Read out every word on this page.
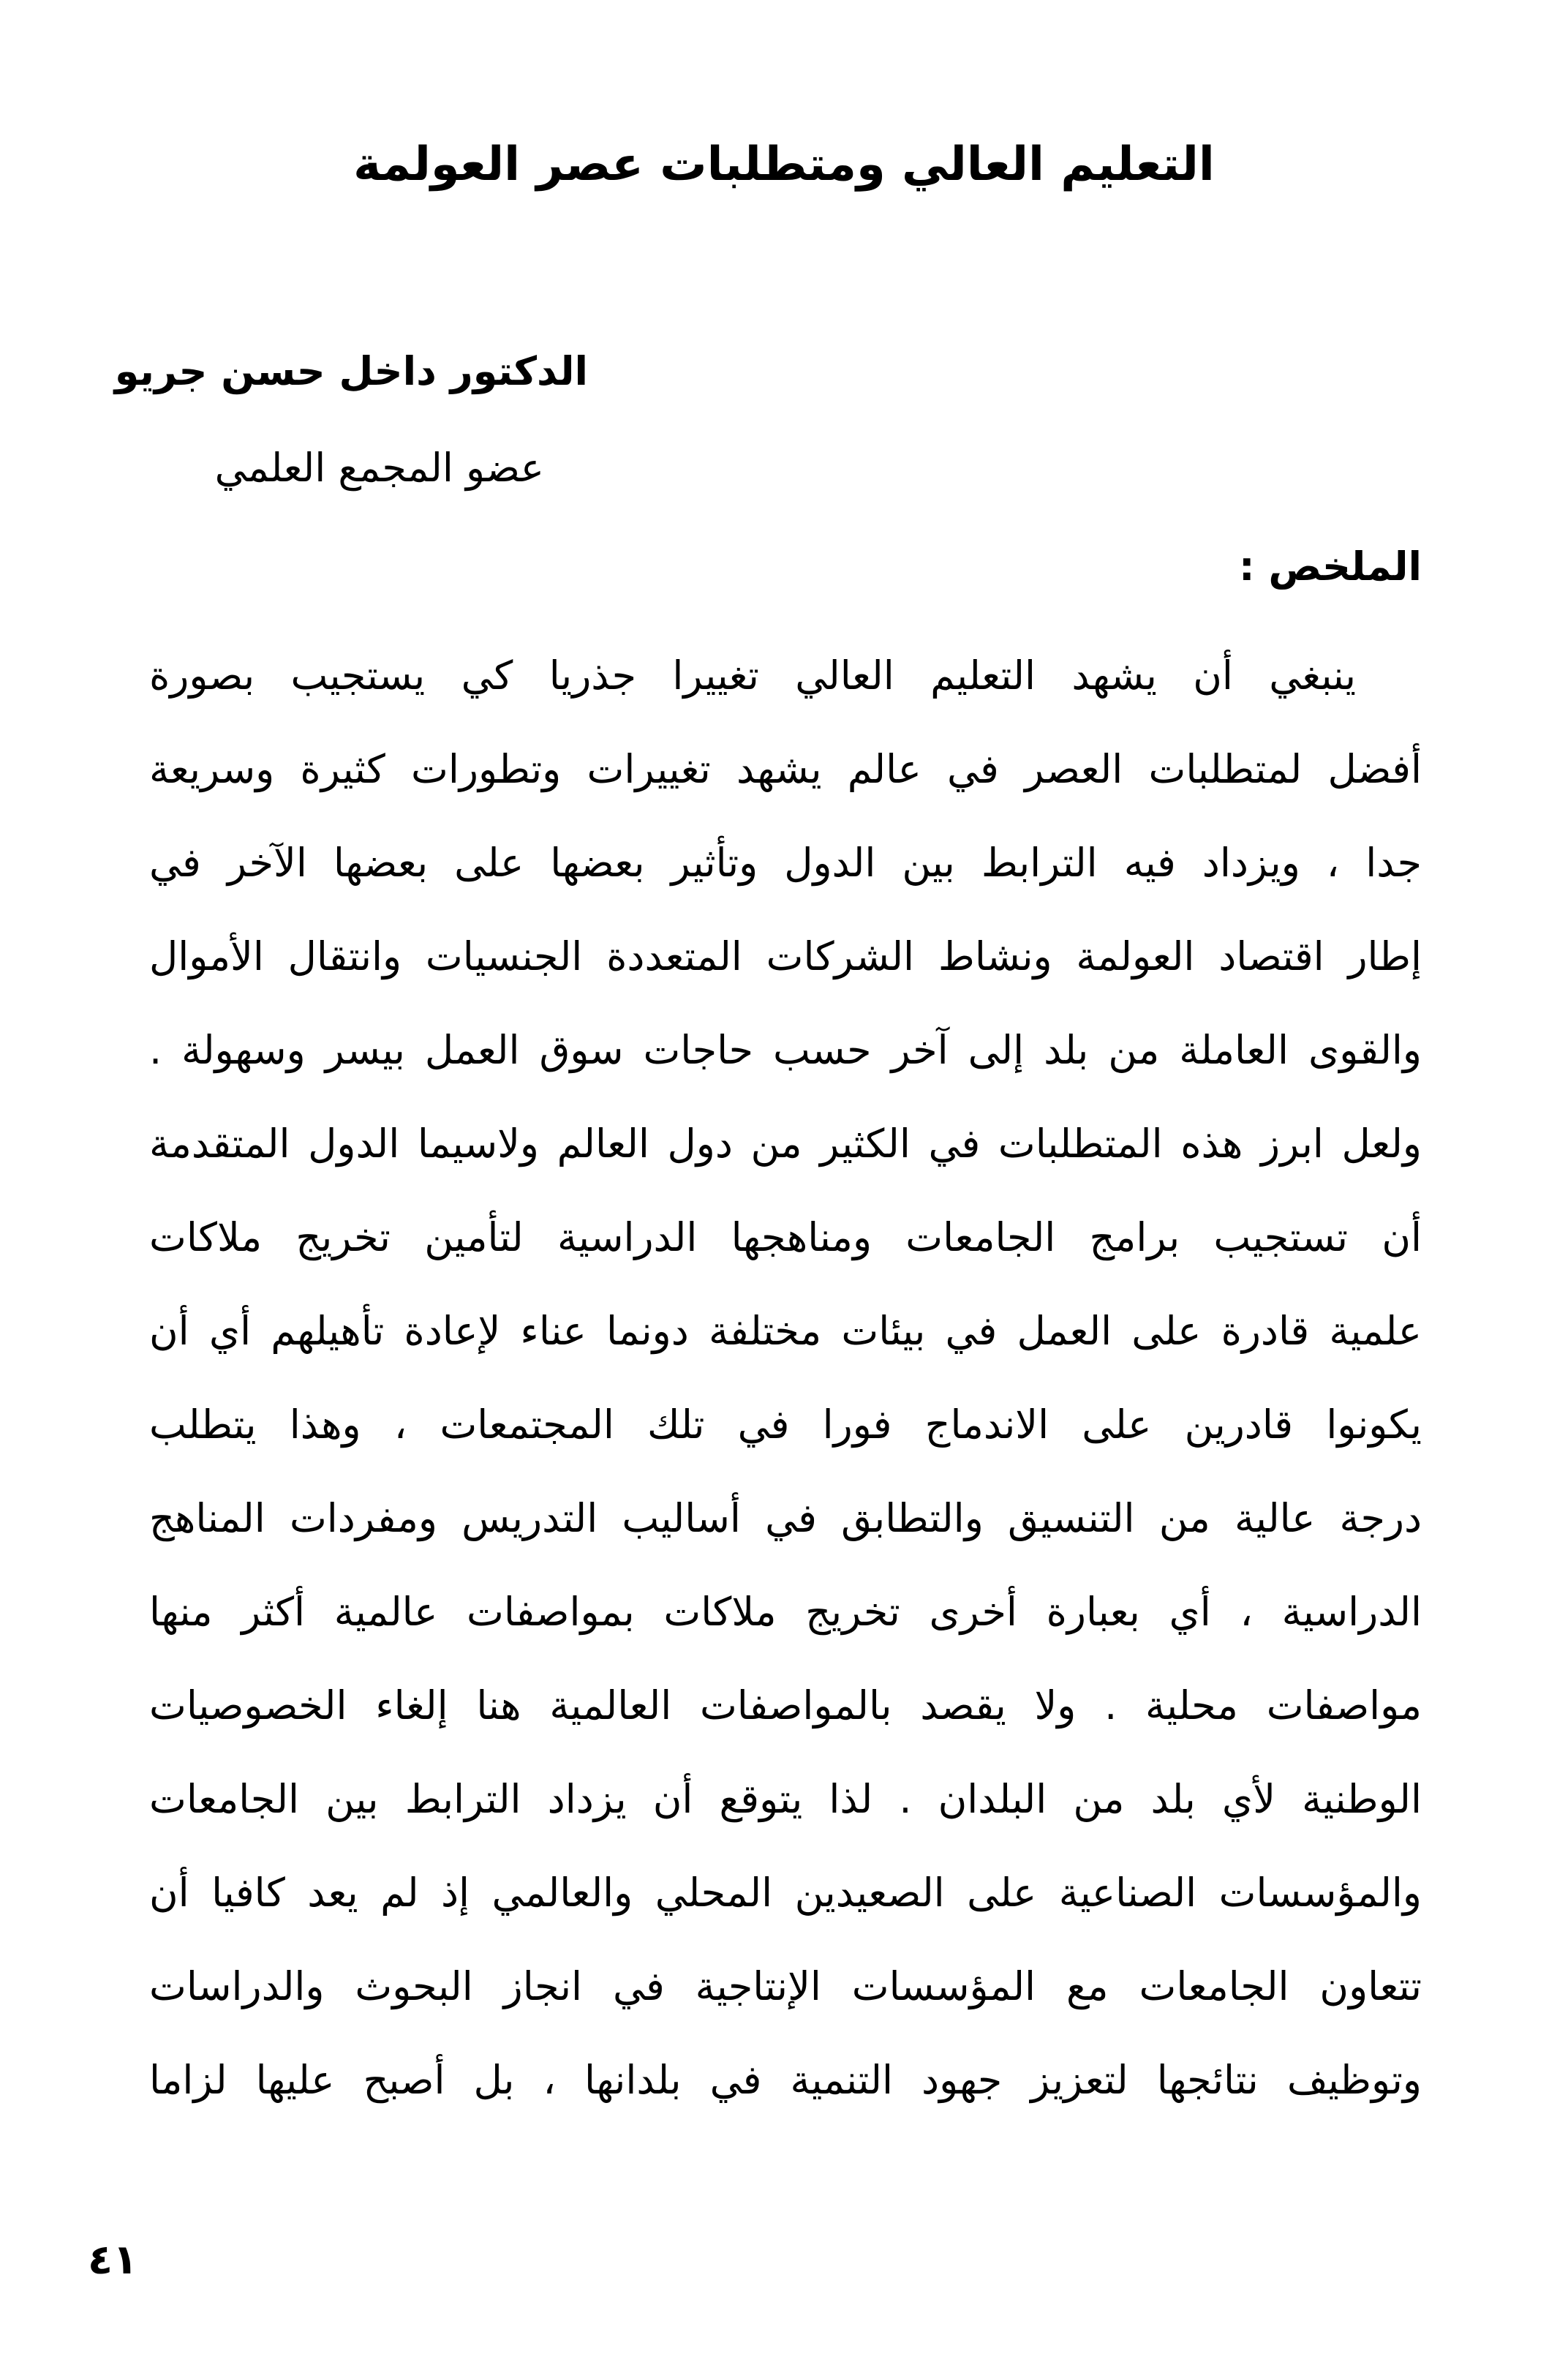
التعليم العالي ومتطلبات عصر العولمة

الدكتور داخل حسن جريو

عضو المجمع العلمي

الملخص :

ينبغي أن يشهد التعليم العالي تغييرا جذريا كي يستجيب بصورة
أفضل لمتطلبات العصر في عالم يشهد تغييرات وتطورات كثيرة وسريعة
جدا ، ويزداد فيه الترابط بين الدول وتأثير بعضها على بعضها الآخر في
إطار اقتصاد العولمة ونشاط الشركات المتعددة الجنسيات وانتقال الأموال
والقوى العاملة من بلد إلى آخر حسب حاجات سوق العمل بيسر وسهولة .
ولعل ابرز هذه المتطلبات في الكثير من دول العالم ولاسيما الدول المتقدمة
أن تستجيب برامج الجامعات ومناهجها الدراسية لتأمين تخريج ملاكات
علمية قادرة على العمل في بيئات مختلفة دونما عناء لإعادة تأهيلهم أي أن
يكونوا قادرين على الاندماج فورا في تلك المجتمعات ، وهذا يتطلب
درجة عالية من التنسيق والتطابق في أساليب التدريس ومفردات المناهج
الدراسية ، أي بعبارة أخرى تخريج ملاكات بمواصفات عالمية أكثر منها
مواصفات محلية . ولا يقصد بالمواصفات العالمية هنا إلغاء الخصوصيات
الوطنية لأي بلد من البلدان . لذا يتوقع أن يزداد الترابط بين الجامعات
والمؤسسات الصناعية على الصعيدين المحلي والعالمي إذ لم يعد كافيا أن
تتعاون الجامعات مع المؤسسات الإنتاجية في انجاز البحوث والدراسات
وتوظيف نتائجها لتعزيز جهود التنمية في بلدانها ، بل أصبح عليها لزاما

٤١
